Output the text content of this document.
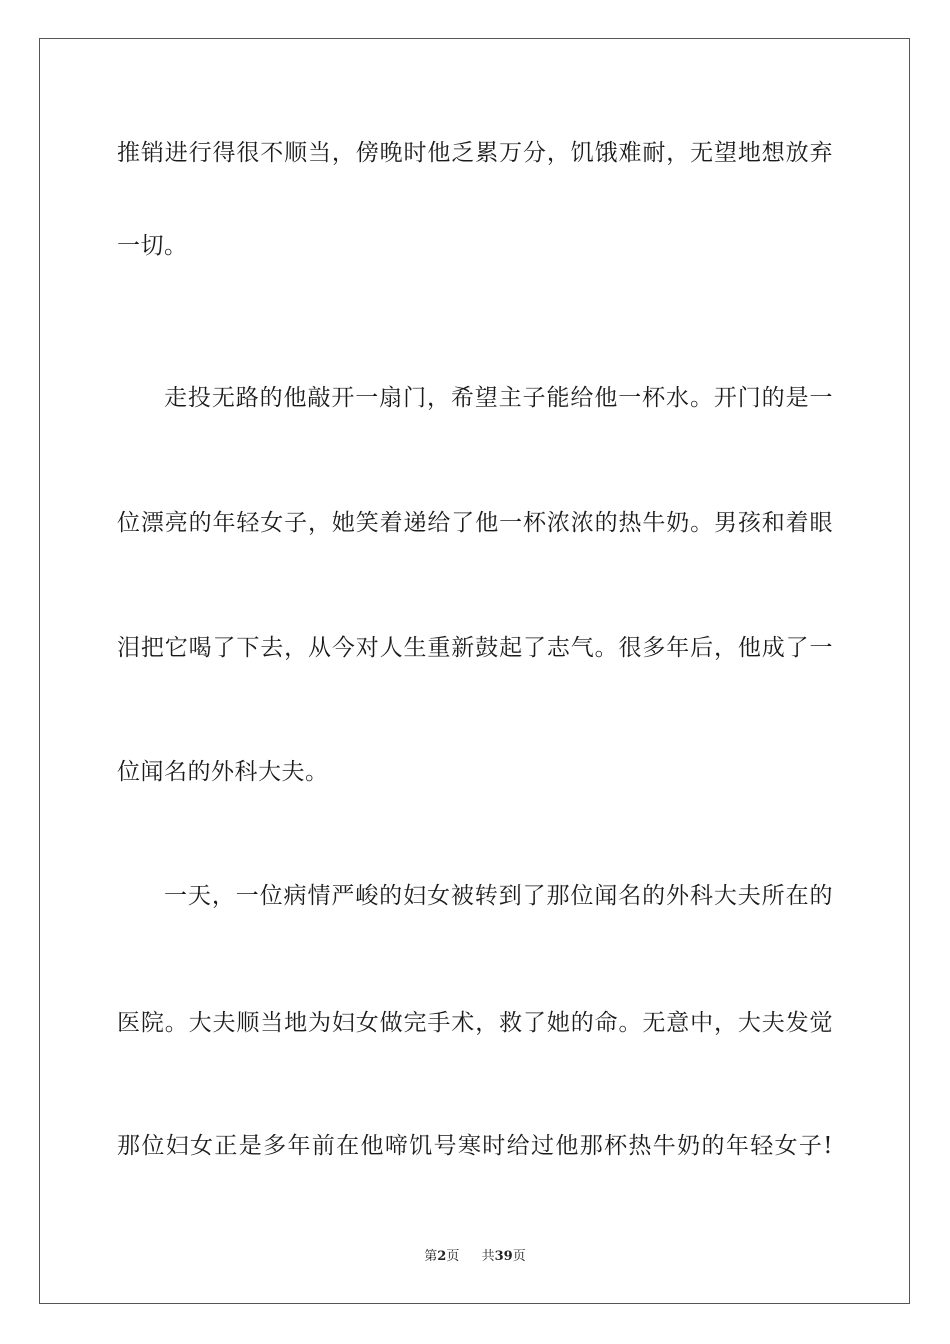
推销进行得很不顺当，傍晚时他乏累万分，饥饿难耐，无望地想放弃
一切。
走投无路的他敲开一扇门，希望主子能给他一杯水。开门的是一
位漂亮的年轻女子，她笑着递给了他一杯浓浓的热牛奶。男孩和着眼
泪把它喝了下去，从今对人生重新鼓起了志气。很多年后，他成了一
位闻名的外科大夫。
一天，一位病情严峻的妇女被转到了那位闻名的外科大夫所在的
医院。大夫顺当地为妇女做完手术，救了她的命。无意中，大夫发觉
那位妇女正是多年前在他啼饥号寒时给过他那杯热牛奶的年轻女子!
第2页 共39页
